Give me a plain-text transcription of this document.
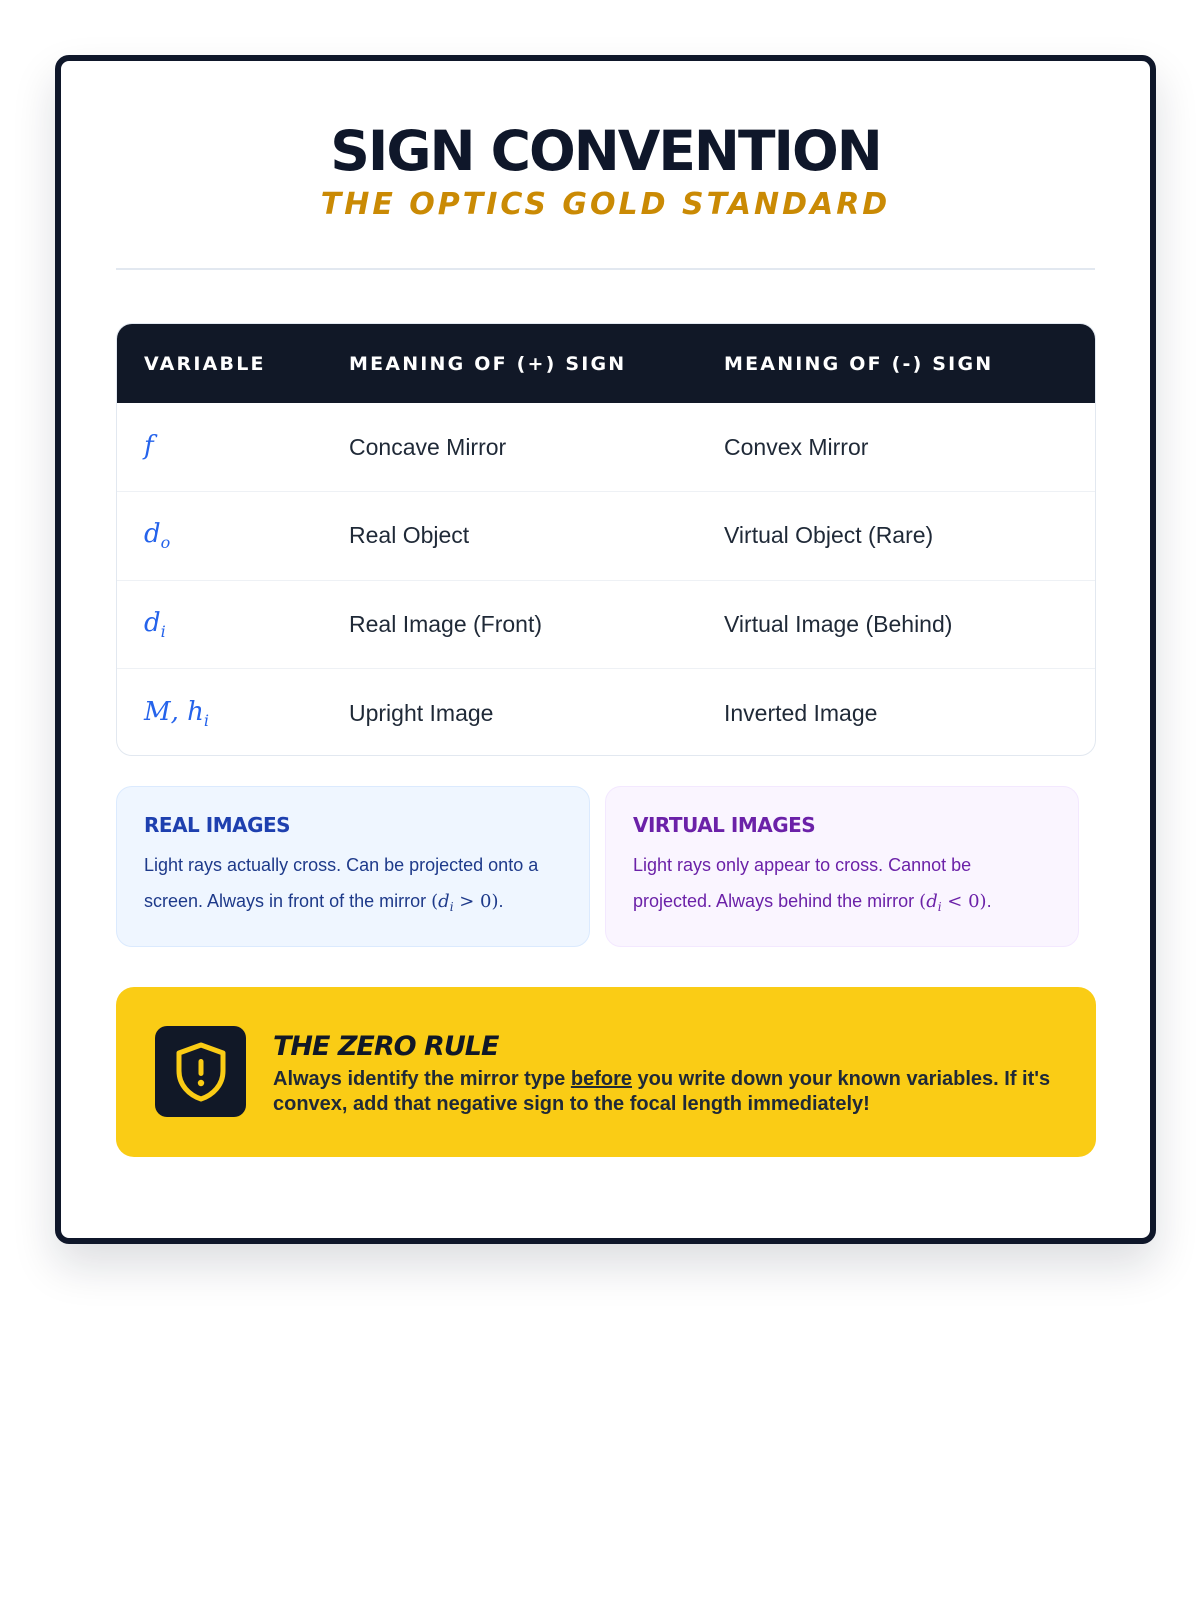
SIGN CONVENTION
THE OPTICS GOLD STANDARD
VARIABLE	MEANING OF (+) SIGN	MEANING OF (-) SIGN
f	Concave Mirror	Convex Mirror
$d_o$	Real Object	Virtual Object (Rare)
$d_i$	Real Image (Front)	Virtual Image (Behind)
M, $h_i$	Upright Image	Inverted Image
REAL IMAGES

Light rays actually cross. Can be projected onto a screen. Always in front of the mirror $(d_i > 0)$.

VIRTUAL IMAGES

Light rays only appear to cross. Cannot be projected. Always behind the mirror $(d_i < 0)$.

THE ZERO RULE
Always identify the mirror type before you write down your known variables. If it's convex, add that negative sign to the focal length immediately!
